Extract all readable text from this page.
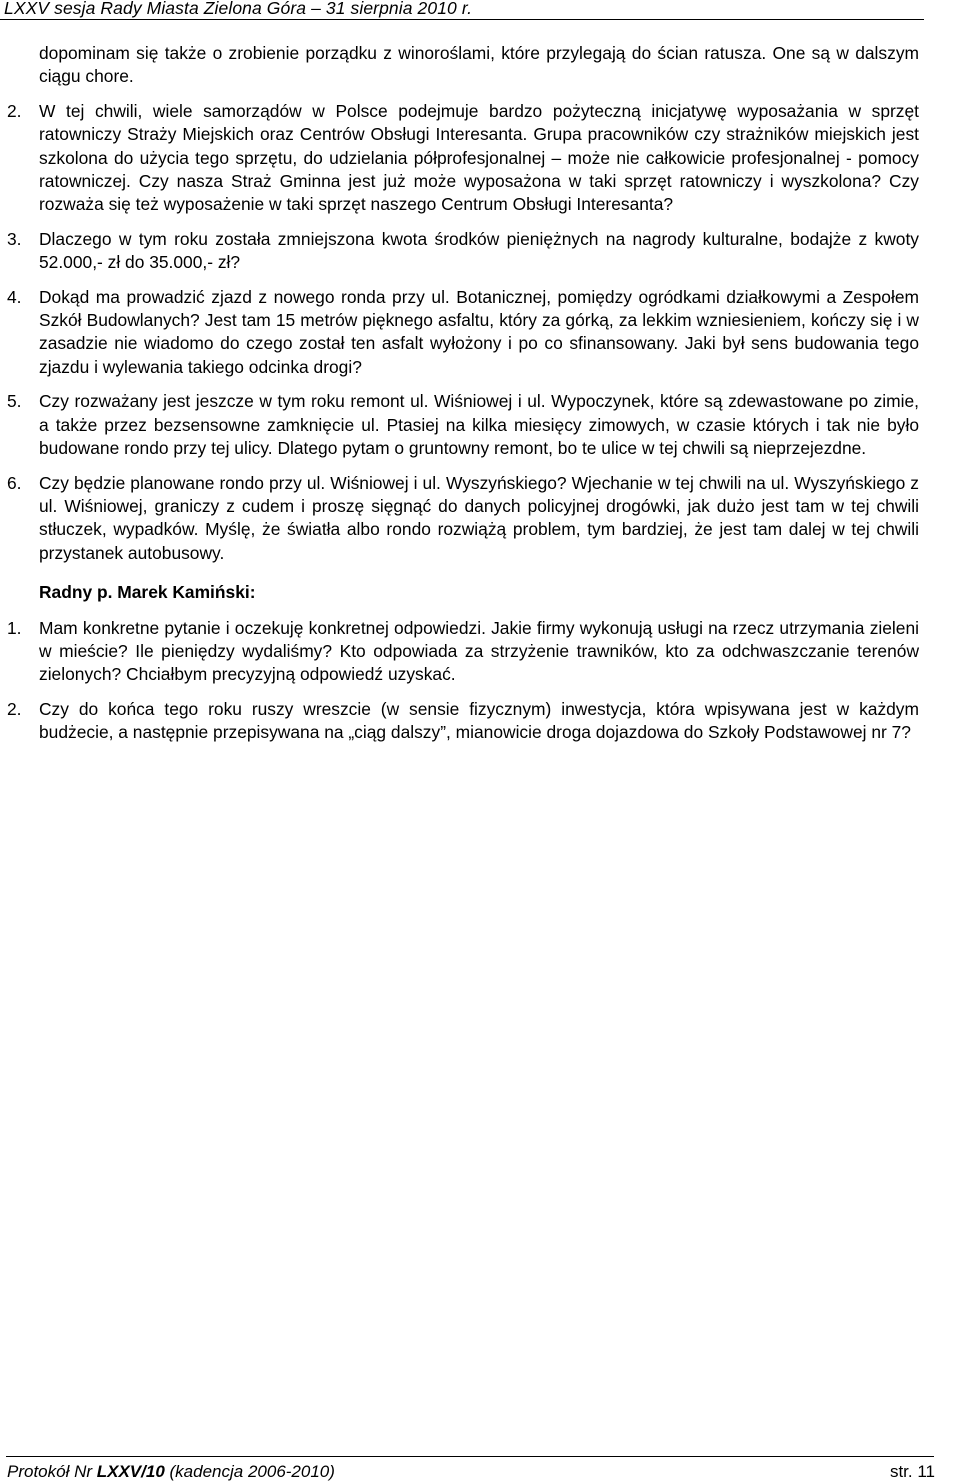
LXXV sesja Rady Miasta Zielona Góra – 31 sierpnia 2010 r.

dopominam się także o zrobienie porządku z winoroślami, które przylegają do ścian ratusza. One są w dalszym ciągu chore.

2.	W tej chwili, wiele samorządów w Polsce podejmuje bardzo pożyteczną inicjatywę wyposażania w sprzęt ratowniczy Straży Miejskich oraz Centrów Obsługi Interesanta. Grupa pracowników czy strażników miejskich jest szkolona do użycia tego sprzętu, do udzielania półprofesjonalnej – może nie całkowicie profesjonalnej - pomocy ratowniczej. Czy nasza Straż Gminna jest już może wyposażona w taki sprzęt ratowniczy i wyszkolona? Czy rozważa się też wyposażenie w taki sprzęt naszego Centrum Obsługi Interesanta?
3.	Dlaczego w tym roku została zmniejszona kwota środków pieniężnych na nagrody kulturalne, bodajże z kwoty 52.000,- zł do 35.000,- zł?
4.	Dokąd ma prowadzić zjazd z nowego ronda przy ul. Botanicznej, pomiędzy ogródkami działkowymi a Zespołem Szkół Budowlanych? Jest tam 15 metrów pięknego asfaltu, który za górką, za lekkim wzniesieniem, kończy się i w zasadzie nie wiadomo do czego został ten asfalt wyłożony i po co sfinansowany. Jaki był sens budowania tego zjazdu i wylewania takiego odcinka drogi?
5.	Czy rozważany jest jeszcze w tym roku remont ul. Wiśniowej i ul. Wypoczynek, które są zdewastowane po zimie, a także przez bezsensowne zamknięcie ul. Ptasiej na kilka miesięcy zimowych, w czasie których i tak nie było budowane rondo przy tej ulicy. Dlatego pytam o gruntowny remont, bo te ulice w tej chwili są nieprzejezdne.
6.	Czy będzie planowane rondo przy ul. Wiśniowej i ul. Wyszyńskiego? Wjechanie w tej chwili na ul. Wyszyńskiego z ul. Wiśniowej, graniczy z cudem i proszę sięgnąć do danych policyjnej drogówki, jak dużo jest tam w tej chwili stłuczek, wypadków. Myślę, że światła albo rondo rozwiążą problem, tym bardziej, że jest tam dalej w tej chwili przystanek autobusowy.
Radny p. Marek Kamiński:
1.	Mam konkretne pytanie i oczekuję konkretnej odpowiedzi. Jakie firmy wykonują usługi na rzecz utrzymania zieleni w mieście? Ile pieniędzy wydaliśmy? Kto odpowiada za strzyżenie trawników, kto za odchwaszczanie terenów zielonych? Chciałbym precyzyjną odpowiedź uzyskać.
2.	Czy do końca tego roku ruszy wreszcie (w sensie fizycznym) inwestycja, która wpisywana jest w każdym budżecie, a następnie przepisywana na „ciąg dalszy”, mianowicie droga dojazdowa do Szkoły Podstawowej nr 7?
Protokół Nr LXXV/10 (kadencja 2006-2010)	str. 11
